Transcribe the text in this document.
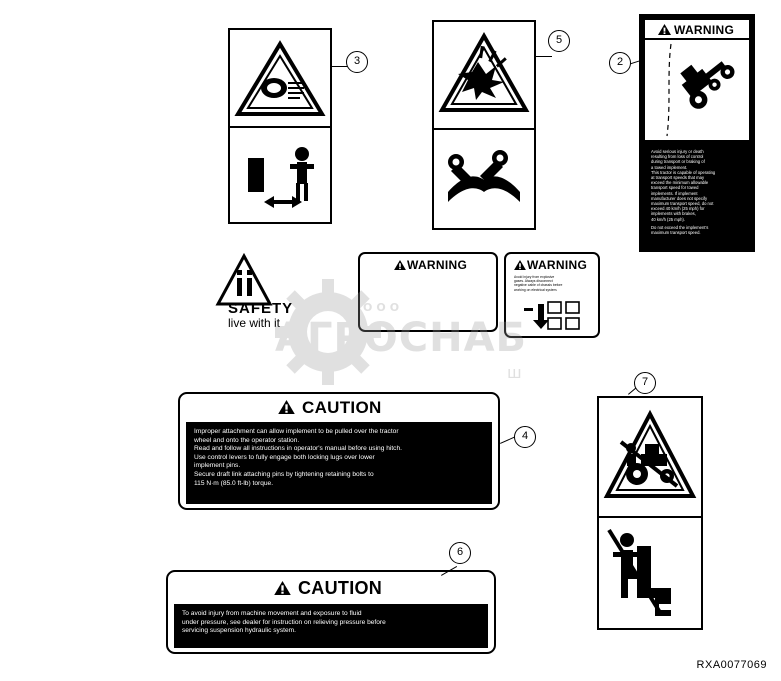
3
5
WARNING
Avoid serious injury or death
resulting from loss of control
during transport or braking of
a towed implement.
This tractor is capable of operating
at transport speeds that may
exceed the minimum allowable
transport speed for towed
implements. If implement
manufacturer does not specify
maximum transport speed, do not
exceed 40 km/h (25 mph) for
implements with brakes,
40 km/h (25 mph).
Do not exceed the implement's
maximum transport speed.
2
SAFETY
live with it
WARNING	WARNING
Avoid injury from explosive
gases. Always disconnect
negative cable of chassis before
working on electrical system.
CAUTION
Improper attachment can allow implement to be pulled over the tractor
wheel and onto the operator station.
Read and follow all instructions in operator's manual before using hitch.
Use control levers to fully engage both locking lugs over lower
implement pins.
Secure draft link attaching pins by tightening retaining bolts to
115 N·m (85.0 ft-lb) torque.
4
CAUTION
To avoid injury from machine movement and exposure to fluid
under pressure, see dealer for instruction on relieving pressure before
servicing suspension hydraulic system.
6
7
ООО
АГРОСНАБ
ш
RXA0077069
